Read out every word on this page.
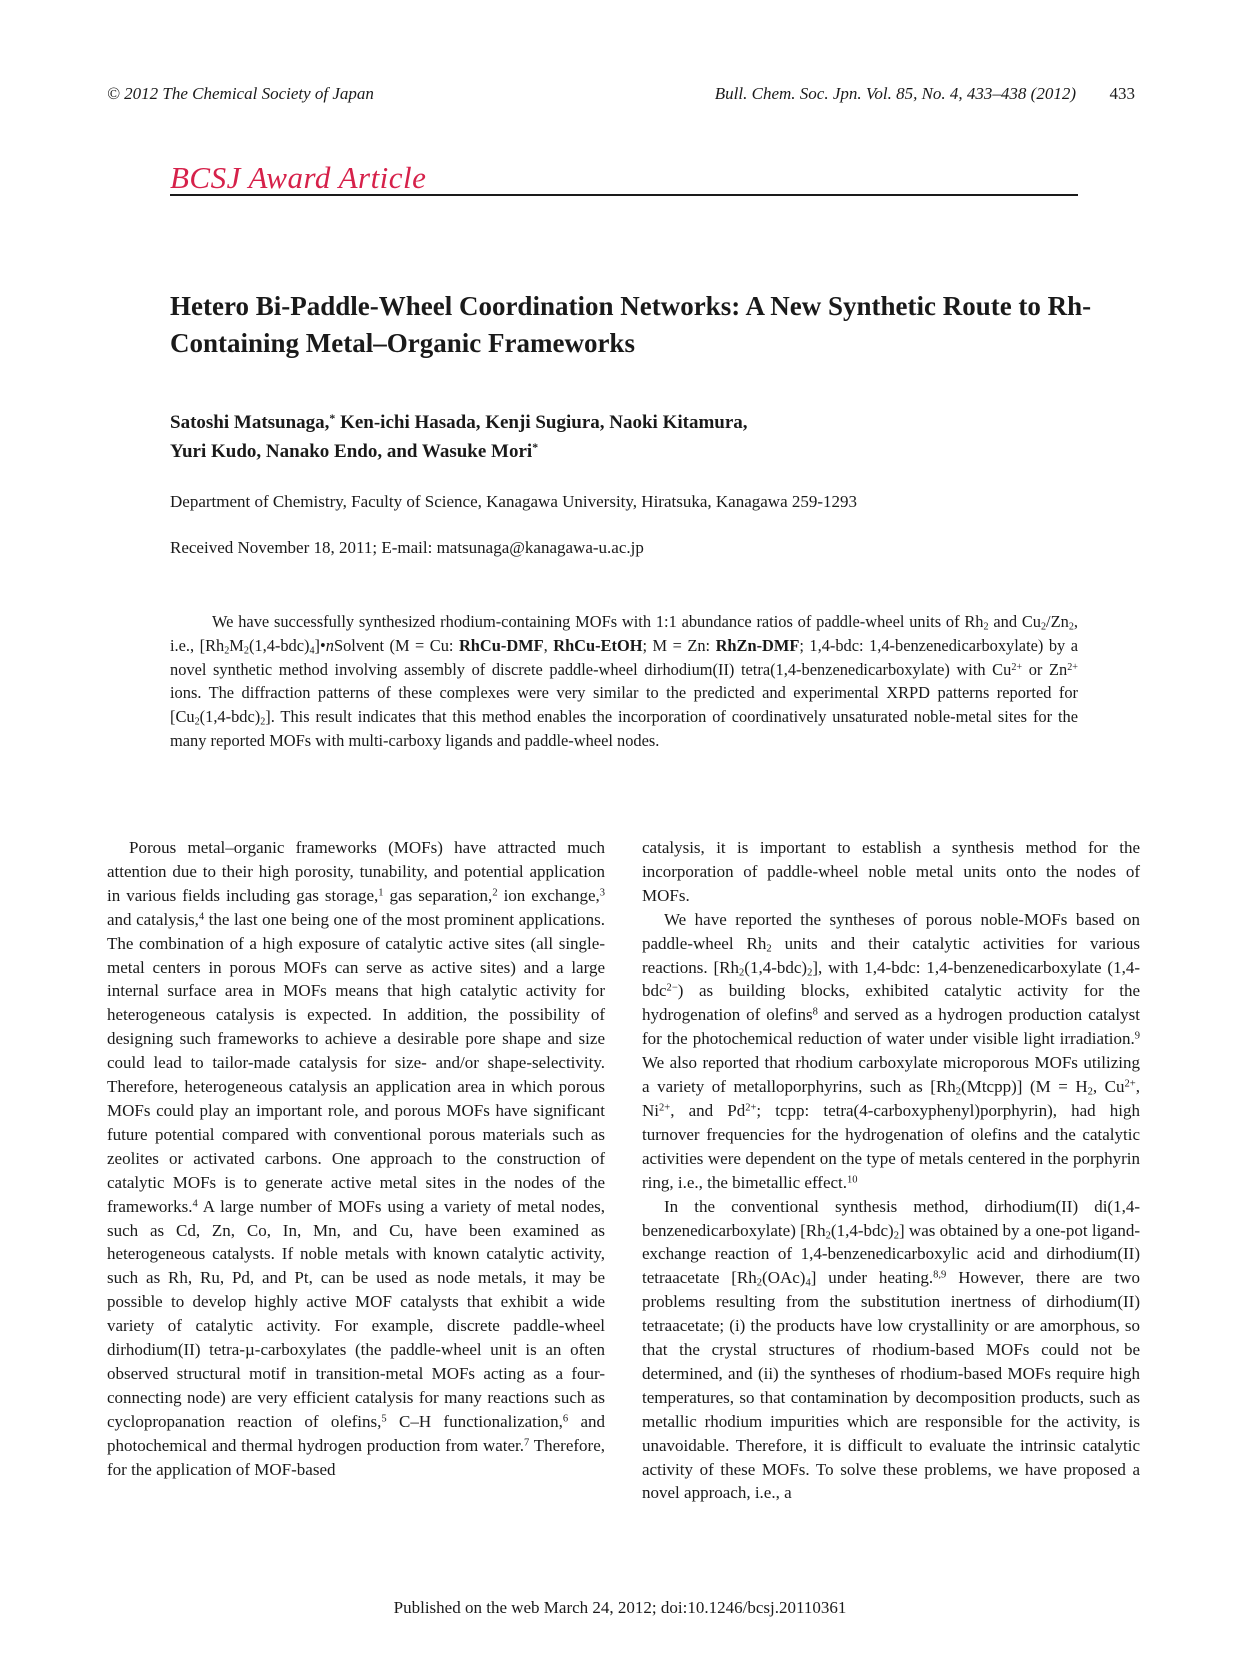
© 2012 The Chemical Society of Japan	Bull. Chem. Soc. Jpn. Vol. 85, No. 4, 433–438 (2012)	433
BCSJ Award Article
Hetero Bi-Paddle-Wheel Coordination Networks: A New Synthetic Route to Rh-Containing Metal–Organic Frameworks
Satoshi Matsunaga,* Ken-ichi Hasada, Kenji Sugiura, Naoki Kitamura,
Yuri Kudo, Nanako Endo, and Wasuke Mori*
Department of Chemistry, Faculty of Science, Kanagawa University, Hiratsuka, Kanagawa 259-1293
Received November 18, 2011; E-mail: matsunaga@kanagawa-u.ac.jp

We have successfully synthesized rhodium-containing MOFs with 1:1 abundance ratios of paddle-wheel units of $Rh_2$ and $Cu_2/Zn_2$, i.e., $[Rh_2M_2(1,4-bdc)_4]•nSolvent$ (M = Cu: RhCu-DMF, RhCu-EtOH; M = Zn: RhZn-DMF; 1,4-bdc: 1,4-benzenedicarboxylate) by a novel synthetic method involving assembly of discrete paddle-wheel dirhodium(II) tetra(1,4-benzenedicarboxylate) with $Cu^{2+}$ or $Zn^{2+}$ ions. The diffraction patterns of these complexes were very similar to the predicted and experimental XRPD patterns reported for $[Cu_2(1,4-bdc)_2]$. This result indicates that this method enables the incorporation of coordinatively unsaturated noble-metal sites for the many reported MOFs with multi-carboxy ligands and paddle-wheel nodes.

Porous metal–organic frameworks (MOFs) have attracted much attention due to their high porosity, tunability, and potential application in various fields including gas storage,$^1$ gas separation,$^2$ ion exchange,$^3$ and catalysis,$^4$ the last one being one of the most prominent applications. The combination of a high exposure of catalytic active sites (all single-metal centers in porous MOFs can serve as active sites) and a large internal surface area in MOFs means that high catalytic activity for heterogeneous catalysis is expected. In addition, the possibility of designing such frameworks to achieve a desirable pore shape and size could lead to tailor-made catalysis for size- and/or shape-selectivity. Therefore, heterogeneous catalysis an application area in which porous MOFs could play an important role, and porous MOFs have significant future potential compared with conventional porous materials such as zeolites or activated carbons. One approach to the construction of catalytic MOFs is to generate active metal sites in the nodes of the frameworks.$^4$ A large number of MOFs using a variety of metal nodes, such as Cd, Zn, Co, In, Mn, and Cu, have been examined as heterogeneous catalysts. If noble metals with known catalytic activity, such as Rh, Ru, Pd, and Pt, can be used as node metals, it may be possible to develop highly active MOF catalysts that exhibit a wide variety of catalytic activity. For example, discrete paddle-wheel dirhodium(II) tetra-µ-carboxylates (the paddle-wheel unit is an often observed structural motif in transition-metal MOFs acting as a four-connecting node) are very efficient catalysis for many reactions such as cyclopropanation reaction of olefins,$^5$ C–H functionalization,$^6$ and photochemical and thermal hydrogen production from water.$^7$ Therefore, for the application of MOF-based

catalysis, it is important to establish a synthesis method for the incorporation of paddle-wheel noble metal units onto the nodes of MOFs.

We have reported the syntheses of porous noble-MOFs based on paddle-wheel $Rh_2$ units and their catalytic activities for various reactions. $[Rh_2(1,4-bdc)_2]$, with 1,4-bdc: 1,4-benzenedicarboxylate (1,4-bdc$^{2-}$) as building blocks, exhibited catalytic activity for the hydrogenation of olefins$^8$ and served as a hydrogen production catalyst for the photochemical reduction of water under visible light irradiation.$^9$ We also reported that rhodium carboxylate microporous MOFs utilizing a variety of metalloporphyrins, such as $[Rh_2(Mtcpp)] (M = H_2$, $Cu^{2+}$, $Ni^{2+}$, and $Pd^{2+}$; tcpp: tetra(4-carboxyphenyl)porphyrin), had high turnover frequencies for the hydrogenation of olefins and the catalytic activities were dependent on the type of metals centered in the porphyrin ring, i.e., the bimetallic effect.$^{10}$

In the conventional synthesis method, dirhodium(II) di(1,4-benzenedicarboxylate) $[Rh_2(1,4-bdc)_2]$ was obtained by a one-pot ligand-exchange reaction of 1,4-benzenedicarboxylic acid and dirhodium(II) tetraacetate $[Rh_2(OAc)_4]$ under heating.$^{8,9}$ However, there are two problems resulting from the substitution inertness of dirhodium(II) tetraacetate; (i) the products have low crystallinity or are amorphous, so that the crystal structures of rhodium-based MOFs could not be determined, and (ii) the syntheses of rhodium-based MOFs require high temperatures, so that contamination by decomposition products, such as metallic rhodium impurities which are responsible for the activity, is unavoidable. Therefore, it is difficult to evaluate the intrinsic catalytic activity of these MOFs. To solve these problems, we have proposed a novel approach, i.e., a

Published on the web March 24, 2012; doi:10.1246/bcsj.20110361
